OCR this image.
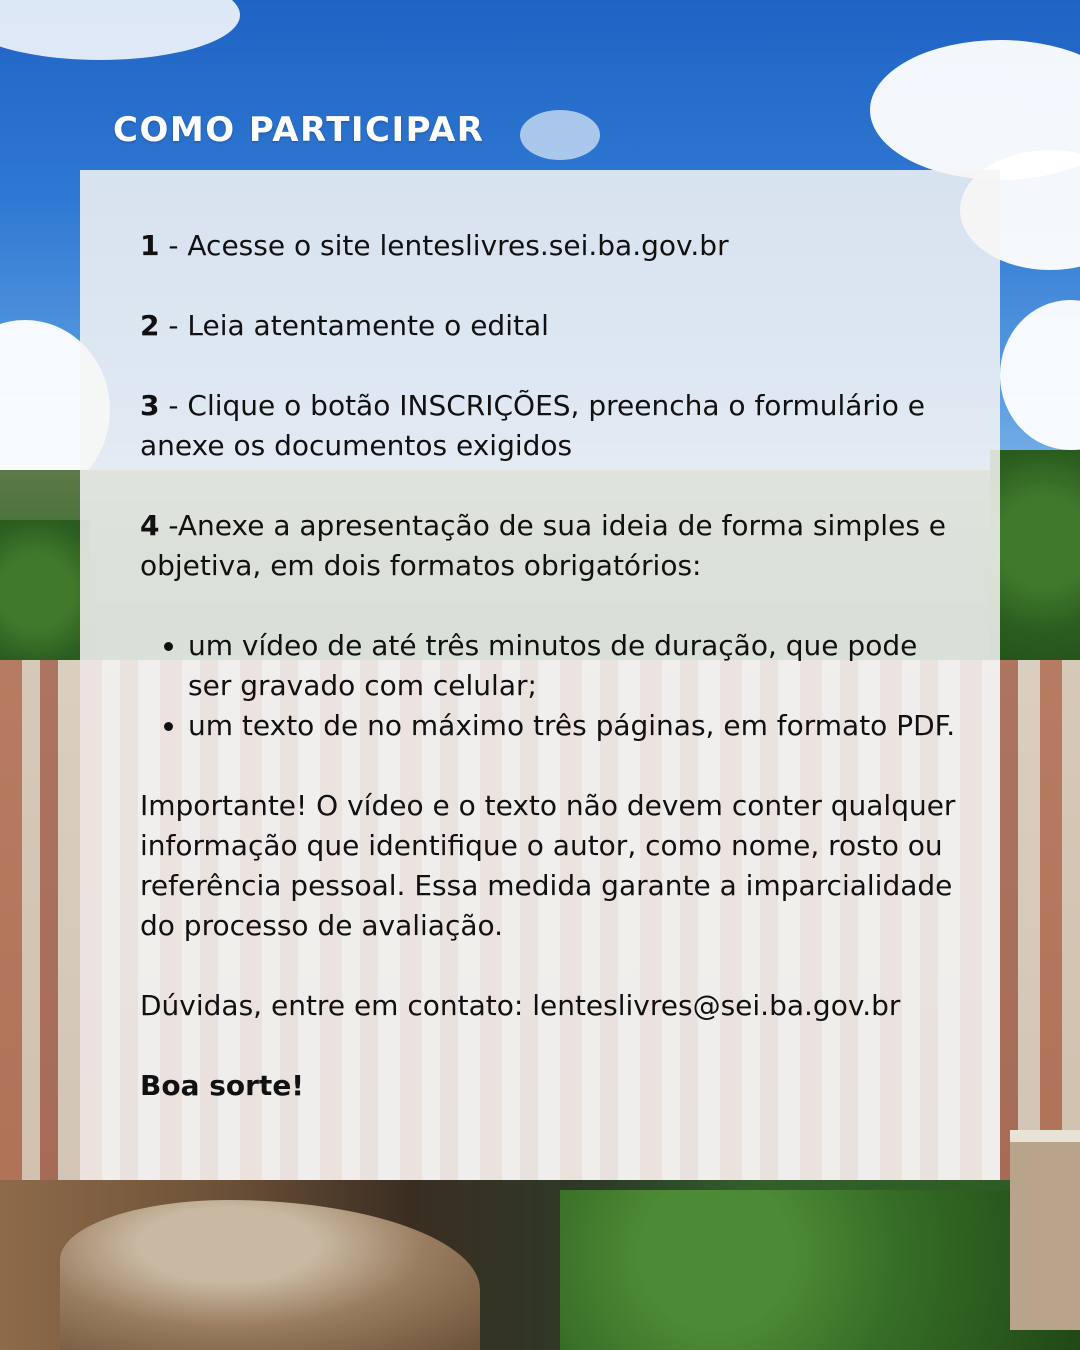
COMO PARTICIPAR

1 - Acesse o site lenteslivres.sei.ba.gov.br

2 - Leia atentamente o edital

3 - Clique o botão INSCRIÇÕES, preencha o formulário e anexe os documentos exigidos

4 -Anexe a apresentação de sua ideia de forma simples e objetiva, em dois formatos obrigatórios:

• um vídeo de até três minutos de duração, que pode ser gravado com celular;
• um texto de no máximo três páginas, em formato PDF.

Importante! O vídeo e o texto não devem conter qualquer informação que identifique o autor, como nome, rosto ou referência pessoal. Essa medida garante a imparcialidade do processo de avaliação.

Dúvidas, entre em contato: lenteslivres@sei.ba.gov.br

Boa sorte!
